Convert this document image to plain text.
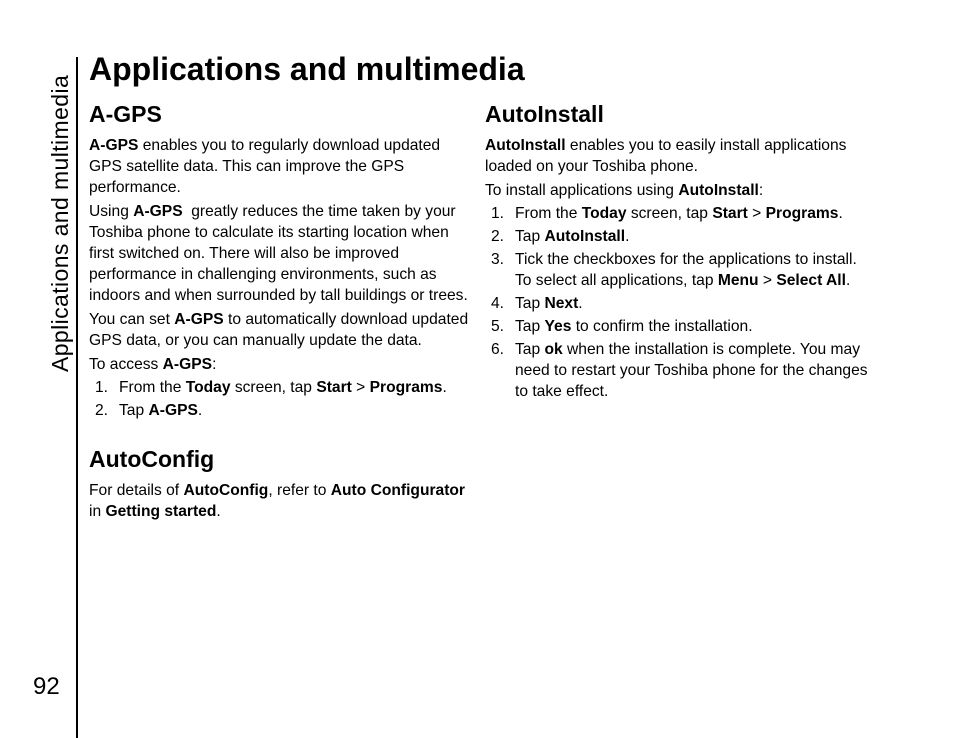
Applications and multimedia
92
Applications and multimedia
A-GPS

A-GPS enables you to regularly download updated GPS satellite data. This can improve the GPS performance.

Using A-GPS  greatly reduces the time taken by your Toshiba phone to calculate its starting location when first switched on. There will also be improved performance in challenging environments, such as indoors and when surrounded by tall buildings or trees.

You can set A-GPS to automatically download updated GPS data, or you can manually update the data.

To access A-GPS:

1. From the Today screen, tap Start > Programs.
2. Tap A-GPS.
AutoConfig

For details of AutoConfig, refer to Auto Configurator in Getting started.

AutoInstall

AutoInstall enables you to easily install applications loaded on your Toshiba phone.

To install applications using AutoInstall:

1. From the Today screen, tap Start > Programs.
2. Tap AutoInstall.
3. Tick the checkboxes for the applications to install. To select all applications, tap Menu > Select All.
4. Tap Next.
5. Tap Yes to confirm the installation.
6. Tap ok when the installation is complete. You may need to restart your Toshiba phone for the changes to take effect.
